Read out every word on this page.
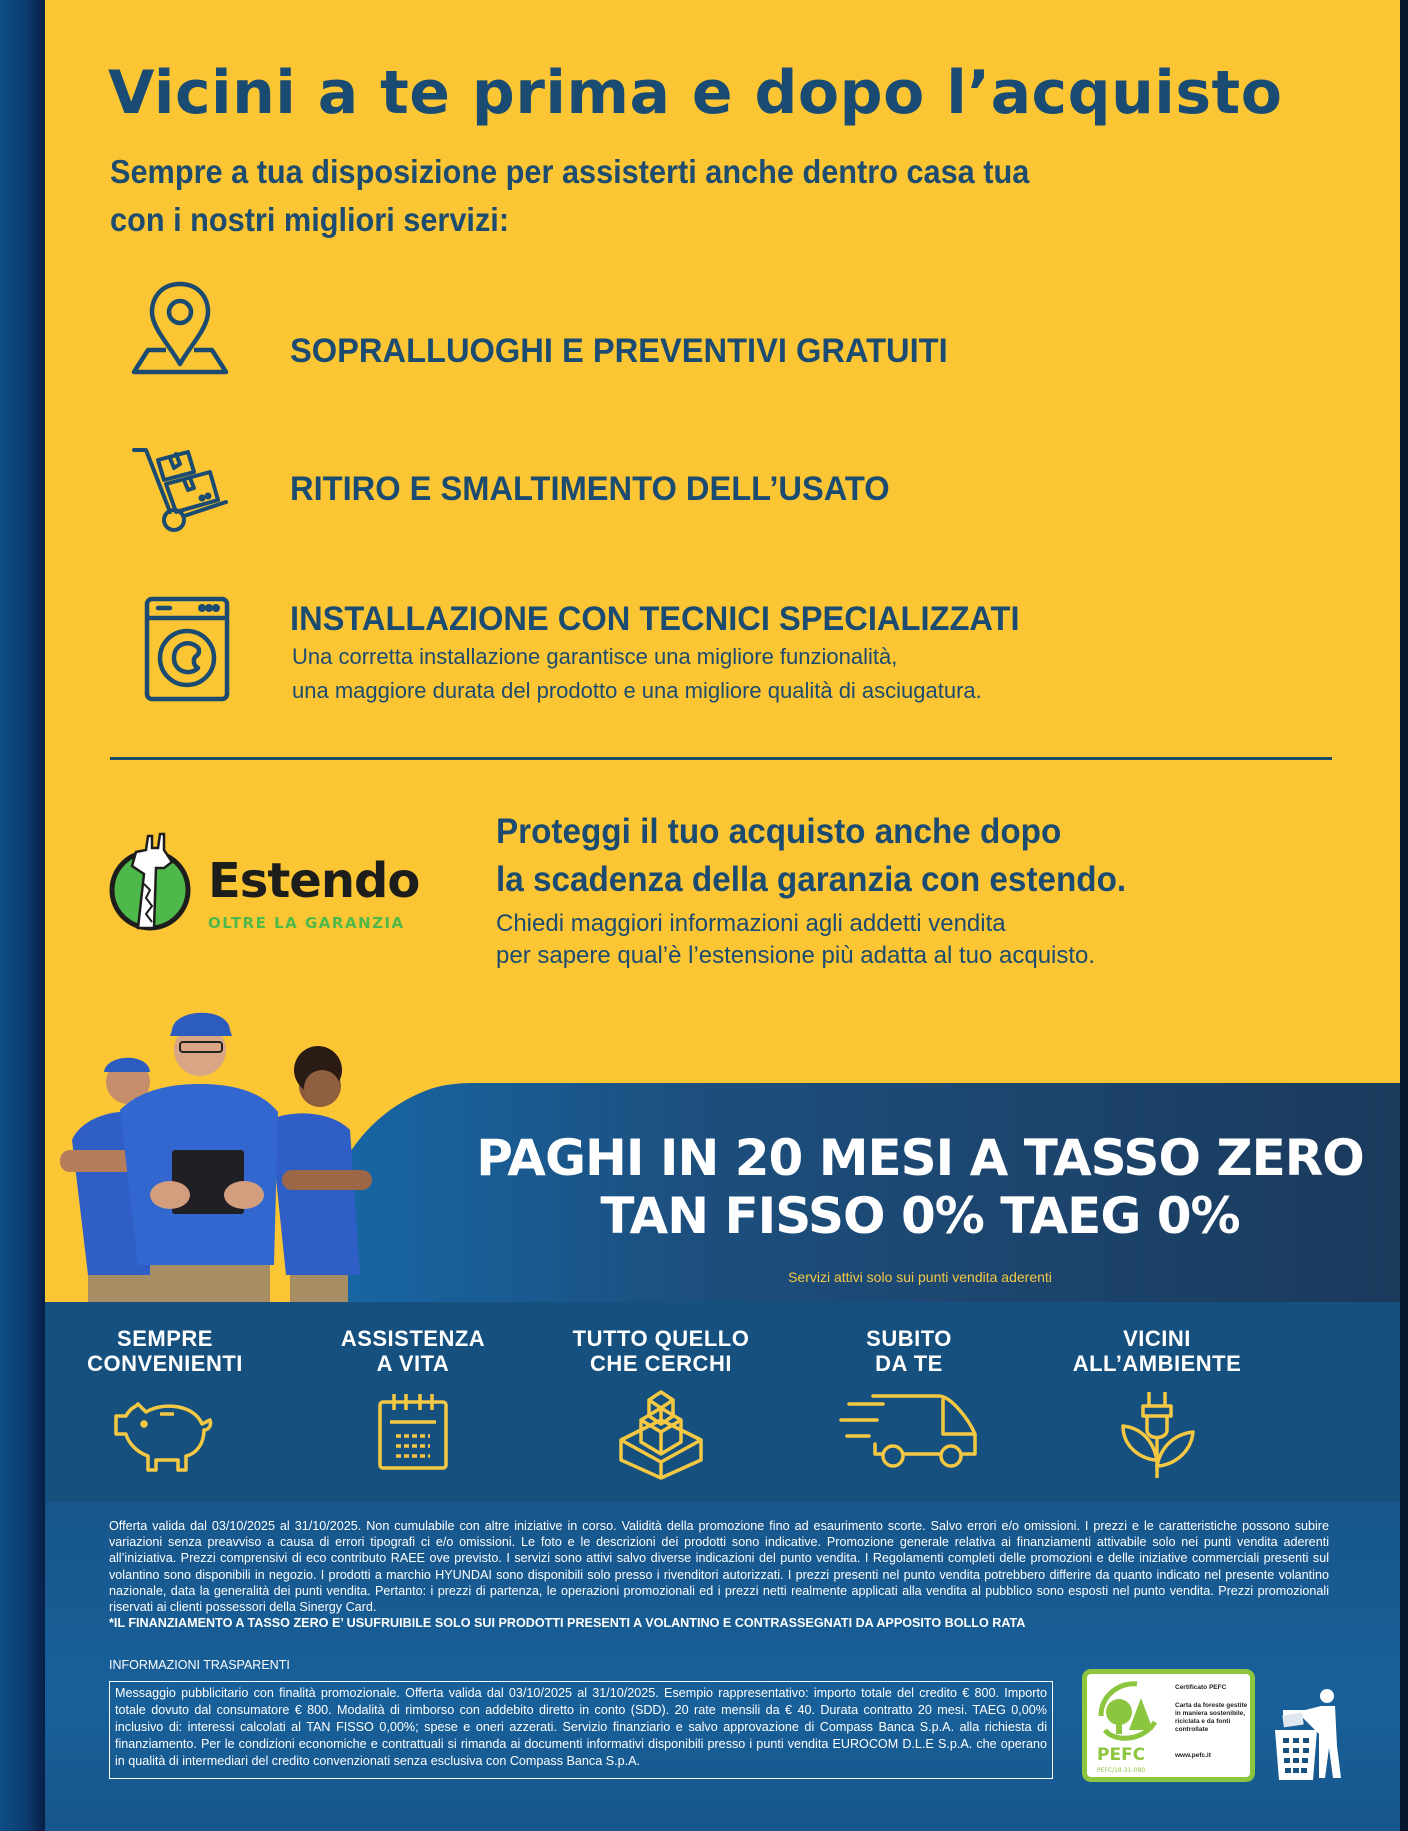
Vicini a te prima e dopo l’acquisto
Sempre a tua disposizione per assisterti anche dentro casa tua
con i nostri migliori servizi:
SOPRALLUOGHI E PREVENTIVI GRATUITI
RITIRO E SMALTIMENTO DELL’USATO
INSTALLAZIONE CON TECNICI SPECIALIZZATI
Una corretta installazione garantisce una migliore funzionalità,
una maggiore durata del prodotto e una migliore qualità di asciugatura.
Estendo
OLTRE LA GARANZIA
Proteggi il tuo acquisto anche dopo
la scadenza della garanzia con estendo.
Chiedi maggiori informazioni agli addetti vendita
per sapere qual’è l’estensione più adatta al tuo acquisto.
PAGHI IN 20 MESI A TASSO ZERO
TAN FISSO 0% TAEG 0%
Servizi attivi solo sui punti vendita aderenti
SEMPRE
CONVENIENTI
ASSISTENZA
A VITA
TUTTO QUELLO
CHE CERCHI
SUBITO
DA TE
VICINI
ALL’AMBIENTE
Offerta valida dal 03/10/2025 al 31/10/2025. Non cumulabile con altre iniziative in corso. Validità della promozione fino ad esaurimento scorte. Salvo errori e/o omissioni. I prezzi e le caratteristiche possono subire variazioni senza preavviso a causa di errori tipografi ci e/o omissioni. Le foto e le descrizioni dei prodotti sono indicative. Promozione generale relativa ai finanziamenti attivabile solo nei punti vendita aderenti all’iniziativa. Prezzi comprensivi di eco contributo RAEE ove previsto. I servizi sono attivi salvo diverse indicazioni del punto vendita. I Regolamenti completi delle promozioni e delle iniziative commerciali presenti sul volantino sono disponibili in negozio. I prodotti a marchio HYUNDAI sono disponibili solo presso i rivenditori autorizzati. I prezzi presenti nel punto vendita potrebbero differire da quanto indicato nel presente volantino nazionale, data la generalità dei punti vendita. Pertanto: i prezzi di partenza, le operazioni promozionali ed i prezzi netti realmente applicati alla vendita al pubblico sono esposti nel punto vendita. Prezzi promozionali riservati ai clienti possessori della Sinergy Card.
*IL FINANZIAMENTO A TASSO ZERO E’ USUFRUIBILE SOLO SUI PRODOTTI PRESENTI A VOLANTINO E CONTRASSEGNATI DA APPOSITO BOLLO RATA
INFORMAZIONI TRASPARENTI
Messaggio pubblicitario con finalità promozionale. Offerta valida dal 03/10/2025 al 31/10/2025. Esempio rappresentativo: importo totale del credito € 800. Importo totale dovuto dal consumatore € 800. Modalità di rimborso con addebito diretto in conto (SDD). 20 rate mensili da € 40. Durata contratto 20 mesi. TAEG 0,00% inclusivo di: interessi calcolati al TAN FISSO 0,00%; spese e oneri azzerati. Servizio finanziario e salvo approvazione di Compass Banca S.p.A. alla richiesta di finanziamento. Per le condizioni economiche e contrattuali si rimanda ai documenti informativi disponibili presso i punti vendita EUROCOM D.L.E S.p.A. che operano in qualità di intermediari del credito convenzionati senza esclusiva con Compass Banca S.p.A.	PEFC
PEFC/18-31-080
Certificato PEFC
Carta da foreste gestite in maniera sostenibile, riciclata e da fonti controllate
www.pefc.it
